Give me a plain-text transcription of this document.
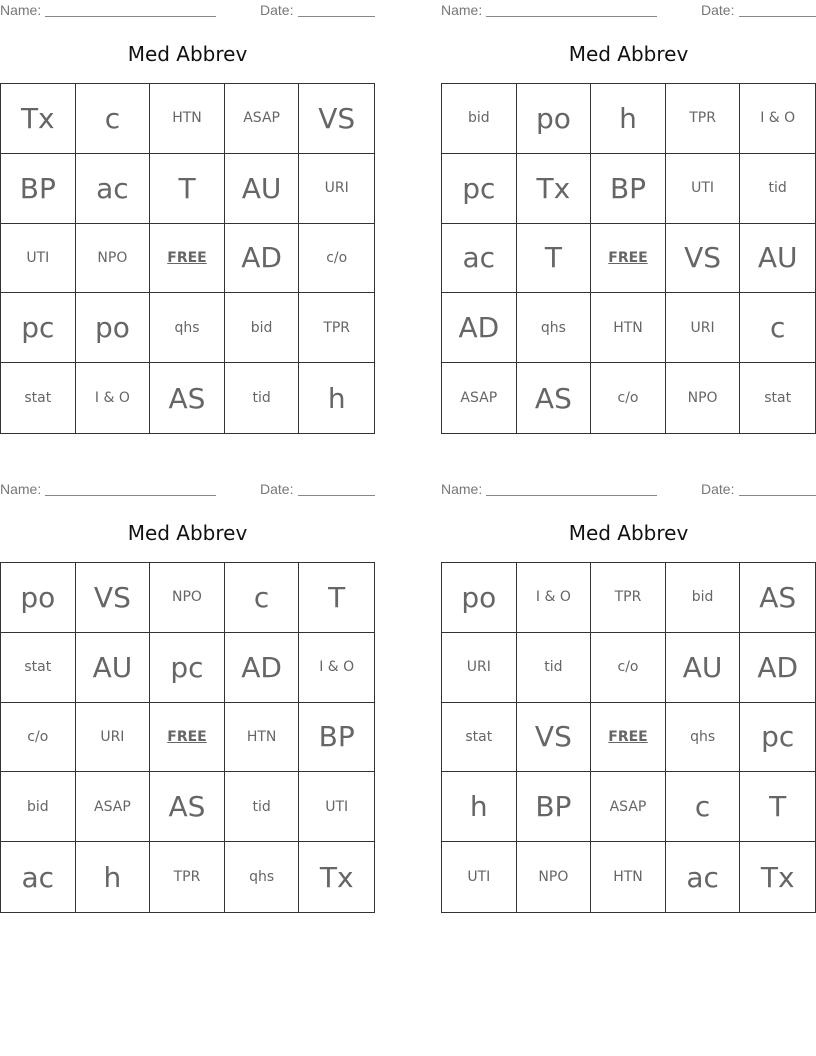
Name:	Date:
Med Abbrev
Tx	c	HTN	ASAP	VS
BP	ac	T	AU	URI
UTI	NPO	FREE	AD	c/o
pc	po	qhs	bid	TPR
stat	I & O	AS	tid	h
Name:	Date:
Med Abbrev
bid	po	h	TPR	I & O
pc	Tx	BP	UTI	tid
ac	T	FREE	VS	AU
AD	qhs	HTN	URI	c
ASAP	AS	c/o	NPO	stat
Name:	Date:
Med Abbrev
po	VS	NPO	c	T
stat	AU	pc	AD	I & O
c/o	URI	FREE	HTN	BP
bid	ASAP	AS	tid	UTI
ac	h	TPR	qhs	Tx
Name:	Date:
Med Abbrev
po	I & O	TPR	bid	AS
URI	tid	c/o	AU	AD
stat	VS	FREE	qhs	pc
h	BP	ASAP	c	T
UTI	NPO	HTN	ac	Tx
